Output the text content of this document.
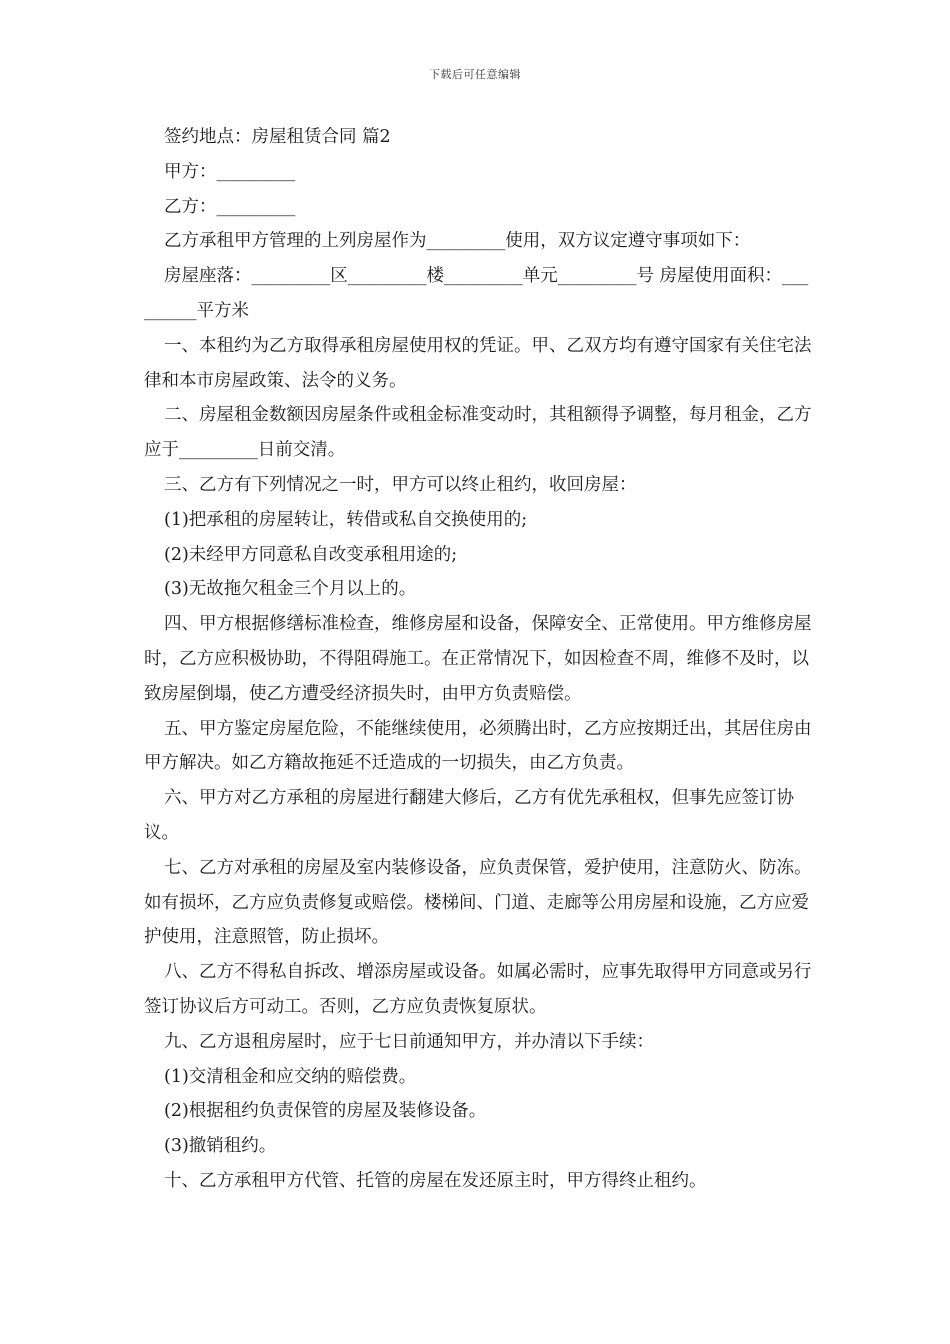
下载后可任意编辑

签约地点：房屋租赁合同 篇2

甲方：_________

乙方：_________

乙方承租甲方管理的上列房屋作为_________使用，双方议定遵守事项如下：

房屋座落：_________区_________楼_________单元_________号 房屋使用面积：_________平方米

一、本租约为乙方取得承租房屋使用权的凭证。甲、乙双方均有遵守国家有关住宅法律和本市房屋政策、法令的义务。

二、房屋租金数额因房屋条件或租金标准变动时，其租额得予调整，每月租金，乙方应于_________日前交清。

三、乙方有下列情况之一时，甲方可以终止租约，收回房屋：

(1)把承租的房屋转让，转借或私自交换使用的;

(2)未经甲方同意私自改变承租用途的;

(3)无故拖欠租金三个月以上的。

四、甲方根据修缮标准检查，维修房屋和设备，保障安全、正常使用。甲方维修房屋时，乙方应积极协助，不得阻碍施工。在正常情况下，如因检查不周，维修不及时，以致房屋倒塌，使乙方遭受经济损失时，由甲方负责赔偿。

五、甲方鉴定房屋危险，不能继续使用，必须腾出时，乙方应按期迁出，其居住房由甲方解决。如乙方籍故拖延不迁造成的一切损失，由乙方负责。

六、甲方对乙方承租的房屋进行翻建大修后，乙方有优先承租权，但事先应签订协议。

七、乙方对承租的房屋及室内装修设备，应负责保管，爱护使用，注意防火、防冻。如有损坏，乙方应负责修复或赔偿。楼梯间、门道、走廊等公用房屋和设施，乙方应爱护使用，注意照管，防止损坏。

八、乙方不得私自拆改、增添房屋或设备。如属必需时，应事先取得甲方同意或另行签订协议后方可动工。否则，乙方应负责恢复原状。

九、乙方退租房屋时，应于七日前通知甲方，并办清以下手续：

(1)交清租金和应交纳的赔偿费。

(2)根据租约负责保管的房屋及装修设备。

(3)撤销租约。

十、乙方承租甲方代管、托管的房屋在发还原主时，甲方得终止租约。
